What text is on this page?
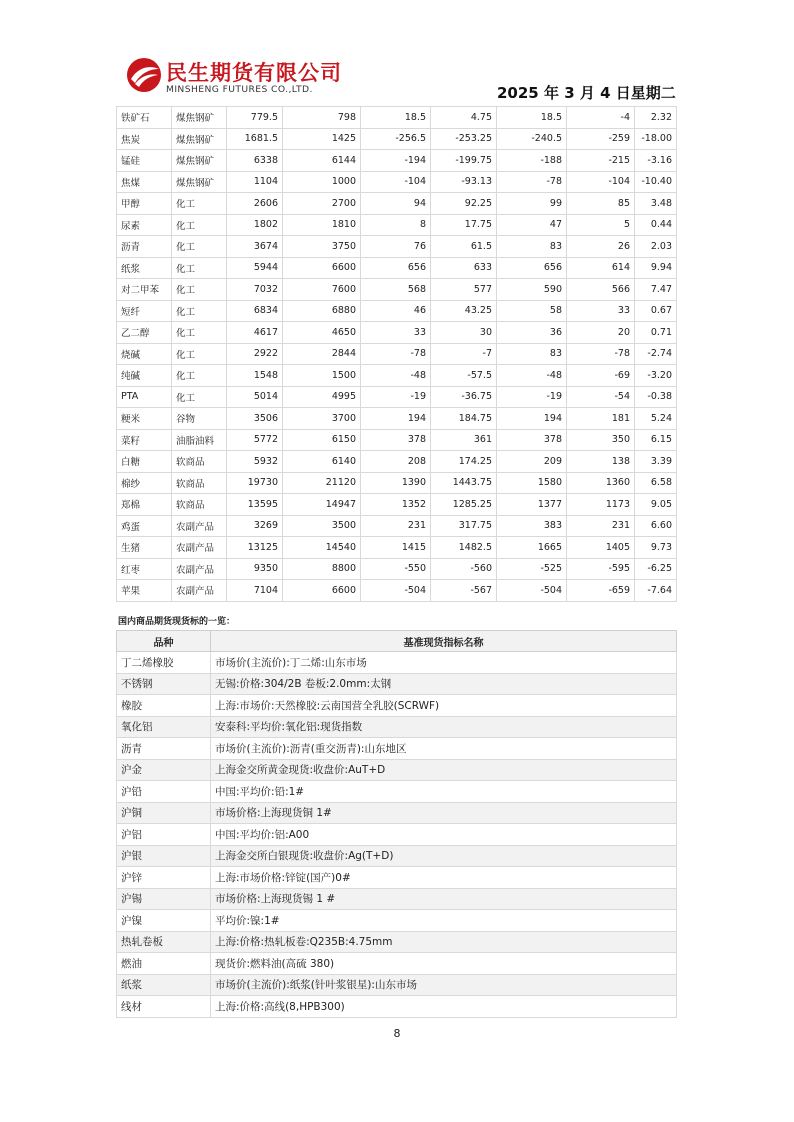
民生期货有限公司
MINSHENG FUTURES CO.,LTD.	2025 年 3 月 4 日星期二
铁矿石	煤焦钢矿	779.5	798	18.5	4.75	18.5	-4	2.32
焦炭	煤焦钢矿	1681.5	1425	-256.5	-253.25	-240.5	-259	-18.00
锰硅	煤焦钢矿	6338	6144	-194	-199.75	-188	-215	-3.16
焦煤	煤焦钢矿	1104	1000	-104	-93.13	-78	-104	-10.40
甲醇	化工	2606	2700	94	92.25	99	85	3.48
尿素	化工	1802	1810	8	17.75	47	5	0.44
沥青	化工	3674	3750	76	61.5	83	26	2.03
纸浆	化工	5944	6600	656	633	656	614	9.94
对二甲苯	化工	7032	7600	568	577	590	566	7.47
短纤	化工	6834	6880	46	43.25	58	33	0.67
乙二醇	化工	4617	4650	33	30	36	20	0.71
烧碱	化工	2922	2844	-78	-7	83	-78	-2.74
纯碱	化工	1548	1500	-48	-57.5	-48	-69	-3.20
PTA	化工	5014	4995	-19	-36.75	-19	-54	-0.38
粳米	谷物	3506	3700	194	184.75	194	181	5.24
菜籽	油脂油料	5772	6150	378	361	378	350	6.15
白糖	软商品	5932	6140	208	174.25	209	138	3.39
棉纱	软商品	19730	21120	1390	1443.75	1580	1360	6.58
郑棉	软商品	13595	14947	1352	1285.25	1377	1173	9.05
鸡蛋	农副产品	3269	3500	231	317.75	383	231	6.60
生猪	农副产品	13125	14540	1415	1482.5	1665	1405	9.73
红枣	农副产品	9350	8800	-550	-560	-525	-595	-6.25
苹果	农副产品	7104	6600	-504	-567	-504	-659	-7.64
国内商品期货现货标的一览：
品种	基准现货指标名称
丁二烯橡胶	市场价(主流价):丁二烯:山东市场
不锈钢	无锡:价格:304/2B 卷板:2.0mm:太钢
橡胶	上海:市场价:天然橡胶:云南国营全乳胶(SCRWF)
氧化铝	安泰科:平均价:氧化铝:现货指数
沥青	市场价(主流价):沥青(重交沥青):山东地区
沪金	上海金交所黄金现货:收盘价:AuT+D
沪铅	中国:平均价:铅:1#
沪铜	市场价格:上海现货铜 1#
沪铝	中国:平均价:铝:A00
沪银	上海金交所白银现货:收盘价:Ag(T+D)
沪锌	上海:市场价格:锌锭(国产)0#
沪锡	市场价格:上海现货锡 1 #
沪镍	平均价:镍:1#
热轧卷板	上海:价格:热轧板卷:Q235B:4.75mm
燃油	现货价:燃料油(高硫 380)
纸浆	市场价(主流价):纸浆(针叶浆银星):山东市场
线材	上海:价格:高线(8,HPB300)
8
